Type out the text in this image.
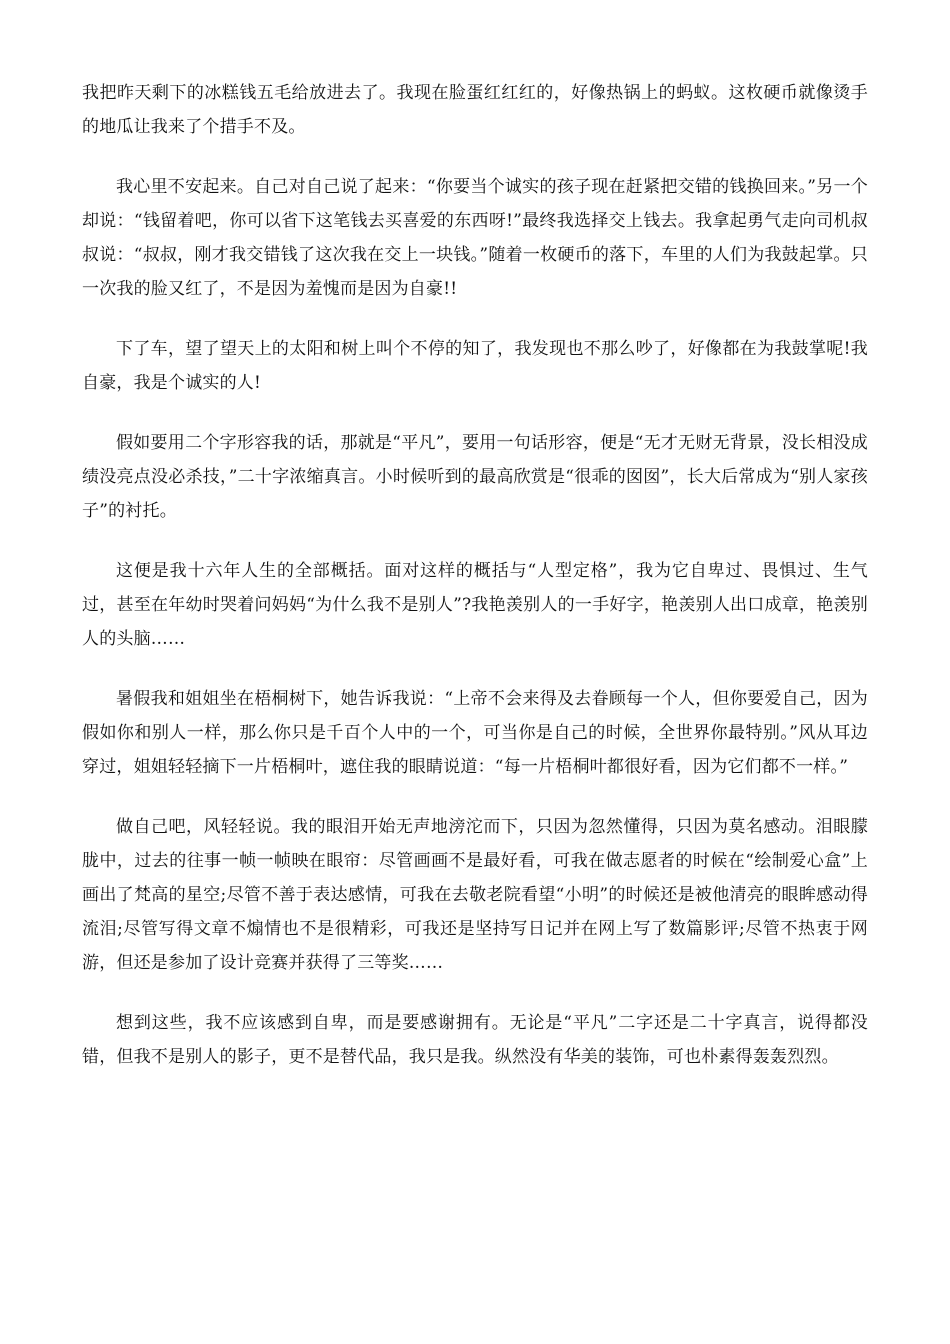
我把昨天剩下的冰糕钱五毛给放进去了。我现在脸蛋红红红的，好像热锅上的蚂蚁。这枚硬币就像烫手的地瓜让我来了个措手不及。

我心里不安起来。自己对自己说了起来：“你要当个诚实的孩子现在赶紧把交错的钱换回来。”另一个却说：“钱留着吧，你可以省下这笔钱去买喜爱的东西呀!”最终我选择交上钱去。我拿起勇气走向司机叔叔说：“叔叔，刚才我交错钱了这次我在交上一块钱。”随着一枚硬币的落下，车里的人们为我鼓起掌。只一次我的脸又红了，不是因为羞愧而是因为自豪!!

下了车，望了望天上的太阳和树上叫个不停的知了，我发现也不那么吵了，好像都在为我鼓掌呢!我自豪，我是个诚实的人!

假如要用二个字形容我的话，那就是“平凡”，要用一句话形容，便是“无才无财无背景，没长相没成绩没亮点没必杀技，”二十字浓缩真言。小时候听到的最高欣赏是“很乖的囡囡”，长大后常成为“别人家孩子”的衬托。

这便是我十六年人生的全部概括。面对这样的概括与“人型定格”，我为它自卑过、畏惧过、生气过，甚至在年幼时哭着问妈妈“为什么我不是别人”?我艳羡别人的一手好字，艳羡别人出口成章，艳羡别人的头脑……

暑假我和姐姐坐在梧桐树下，她告诉我说：“上帝不会来得及去眷顾每一个人，但你要爱自己，因为假如你和别人一样，那么你只是千百个人中的一个，可当你是自己的时候，全世界你最特别。”风从耳边穿过，姐姐轻轻摘下一片梧桐叶，遮住我的眼睛说道：“每一片梧桐叶都很好看，因为它们都不一样。”

做自己吧，风轻轻说。我的眼泪开始无声地滂沱而下，只因为忽然懂得，只因为莫名感动。泪眼朦胧中，过去的往事一帧一帧映在眼帘：尽管画画不是最好看，可我在做志愿者的时候在“绘制爱心盒”上画出了梵高的星空;尽管不善于表达感情，可我在去敬老院看望“小明”的时候还是被他清亮的眼眸感动得流泪;尽管写得文章不煽情也不是很精彩，可我还是坚持写日记并在网上写了数篇影评;尽管不热衷于网游，但还是参加了设计竞赛并获得了三等奖……

想到这些，我不应该感到自卑，而是要感谢拥有。无论是“平凡”二字还是二十字真言，说得都没错，但我不是别人的影子，更不是替代品，我只是我。纵然没有华美的装饰，可也朴素得轰轰烈烈。
